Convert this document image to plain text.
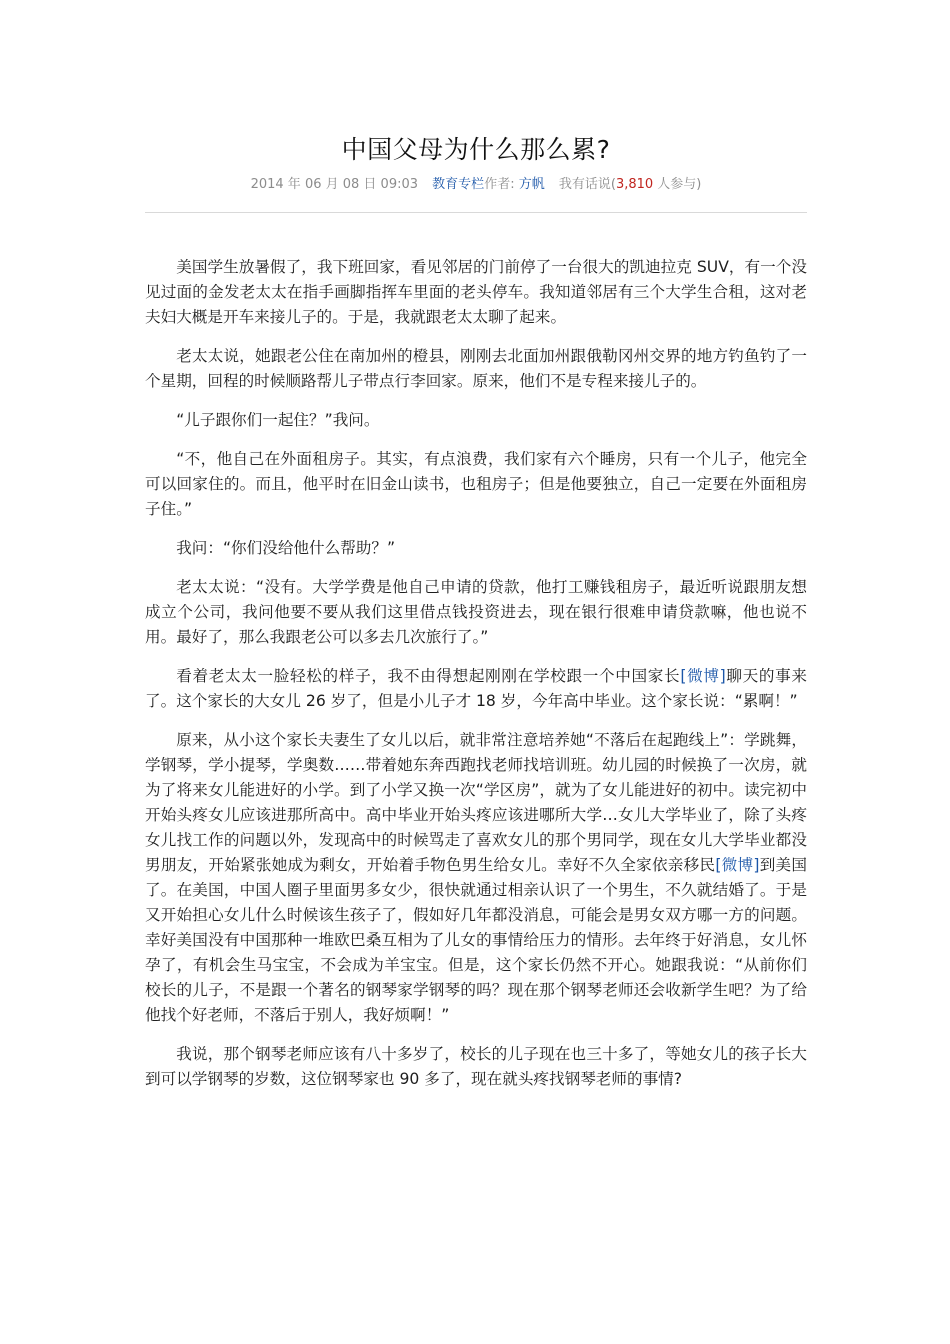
中国父母为什么那么累?
2014 年 06 月 08 日 09:03 教育专栏作者: 方帆 我有话说(3,810 人参与)

美国学生放暑假了，我下班回家，看见邻居的门前停了一台很大的凯迪拉克 SUV，有一个没见过面的金发老太太在指手画脚指挥车里面的老头停车。我知道邻居有三个大学生合租，这对老夫妇大概是开车来接儿子的。于是，我就跟老太太聊了起来。

老太太说，她跟老公住在南加州的橙县，刚刚去北面加州跟俄勒冈州交界的地方钓鱼钓了一个星期，回程的时候顺路帮儿子带点行李回家。原来，他们不是专程来接儿子的。

“儿子跟你们一起住？”我问。

“不，他自己在外面租房子。其实，有点浪费，我们家有六个睡房，只有一个儿子，他完全可以回家住的。而且，他平时在旧金山读书，也租房子；但是他要独立，自己一定要在外面租房子住。”

我问：“你们没给他什么帮助？”

老太太说：“没有。大学学费是他自己申请的贷款，他打工赚钱租房子，最近听说跟朋友想成立个公司，我问他要不要从我们这里借点钱投资进去，现在银行很难申请贷款嘛，他也说不用。最好了，那么我跟老公可以多去几次旅行了。”

看着老太太一脸轻松的样子，我不由得想起刚刚在学校跟一个中国家长[微博]聊天的事来了。这个家长的大女儿 26 岁了，但是小儿子才 18 岁，今年高中毕业。这个家长说：“累啊！”

原来，从小这个家长夫妻生了女儿以后，就非常注意培养她“不落后在起跑线上”：学跳舞，学钢琴，学小提琴，学奥数……带着她东奔西跑找老师找培训班。幼儿园的时候换了一次房，就为了将来女儿能进好的小学。到了小学又换一次“学区房”，就为了女儿能进好的初中。读完初中开始头疼女儿应该进那所高中。高中毕业开始头疼应该进哪所大学…女儿大学毕业了，除了头疼女儿找工作的问题以外，发现高中的时候骂走了喜欢女儿的那个男同学，现在女儿大学毕业都没男朋友，开始紧张她成为剩女，开始着手物色男生给女儿。幸好不久全家依亲移民[微博]到美国了。在美国，中国人圈子里面男多女少，很快就通过相亲认识了一个男生，不久就结婚了。于是又开始担心女儿什么时候该生孩子了，假如好几年都没消息，可能会是男女双方哪一方的问题。幸好美国没有中国那种一堆欧巴桑互相为了儿女的事情给压力的情形。去年终于好消息，女儿怀孕了，有机会生马宝宝，不会成为羊宝宝。但是，这个家长仍然不开心。她跟我说：“从前你们校长的儿子，不是跟一个著名的钢琴家学钢琴的吗？现在那个钢琴老师还会收新学生吧？为了给他找个好老师，不落后于别人，我好烦啊！”

我说，那个钢琴老师应该有八十多岁了，校长的儿子现在也三十多了，等她女儿的孩子长大到可以学钢琴的岁数，这位钢琴家也 90 多了，现在就头疼找钢琴老师的事情?
